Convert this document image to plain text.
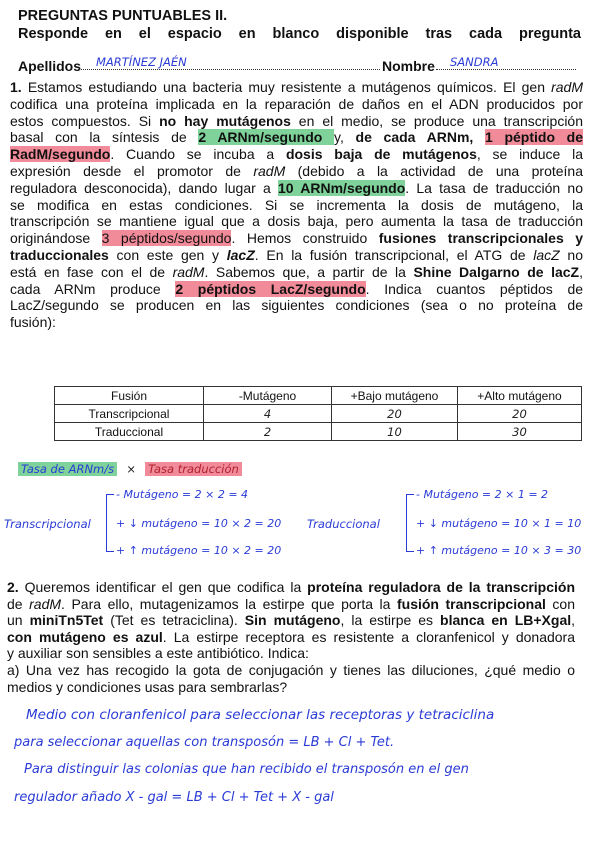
PREGUNTAS PUNTUABLES II.
Responde en el espacio en blanco disponible tras cada pregunta
Apellidos MARTÍNEZ JAÉN	Nombre SANDRA
1. Estamos estudiando una bacteria muy resistente a mutágenos químicos. El gen radM
codifica una proteína implicada en la reparación de daños en el ADN producidos por
estos compuestos. Si no hay mutágenos en el medio, se produce una transcripción
basal con la síntesis de 2 ARNm/segundo y, de cada ARNm, 1 péptido de
RadM/segundo. Cuando se incuba a dosis baja de mutágenos, se induce la
expresión desde el promotor de radM (debido a la actividad de una proteína
reguladora desconocida), dando lugar a 10 ARNm/segundo. La tasa de traducción no
se modifica en estas condiciones. Si se incrementa la dosis de mutágeno, la
transcripción se mantiene igual que a dosis baja, pero aumenta la tasa de traducción
originándose 3 péptidos/segundo. Hemos construido fusiones transcripcionales y
traduccionales con este gen y lacZ. En la fusión transcripcional, el ATG de lacZ no
está en fase con el de radM. Sabemos que, a partir de la Shine Dalgarno de lacZ,
cada ARNm produce 2 péptidos LacZ/segundo. Indica cuantos péptidos de
LacZ/segundo se producen en las siguientes condiciones (sea o no proteína de
fusión):
Fusión	-Mutágeno	+Bajo mutágeno	+Alto mutágeno
Transcripcional	4	20	20
Traduccional	2	10	30
Tasa de ARNm/s × Tasa traducción
Transcripcional
- Mutágeno = 2 × 2 = 4
+ ↓ mutágeno = 10 × 2 = 20
+ ↑ mutágeno = 10 × 2 = 20
Traduccional
- Mutágeno = 2 × 1 = 2
+ ↓ mutágeno = 10 × 1 = 10
+ ↑ mutágeno = 10 × 3 = 30
2. Queremos identificar el gen que codifica la proteína reguladora de la transcripción
de radM. Para ello, mutagenizamos la estirpe que porta la fusión transcripcional con
un miniTn5Tet (Tet es tetraciclina). Sin mutágeno, la estirpe es blanca en LB+Xgal,
con mutágeno es azul. La estirpe receptora es resistente a cloranfenicol y donadora
y auxiliar son sensibles a este antibiótico. Indica:
a) Una vez has recogido la gota de conjugación y tienes las diluciones, ¿qué medio o
medios y condiciones usas para sembrarlas?
Medio con cloranfenicol para seleccionar las receptoras y tetraciclina
para seleccionar aquellas con transposón = LB + Cl + Tet.
Para distinguir las colonias que han recibido el transposón en el gen
regulador añado X - gal = LB + Cl + Tet + X - gal
